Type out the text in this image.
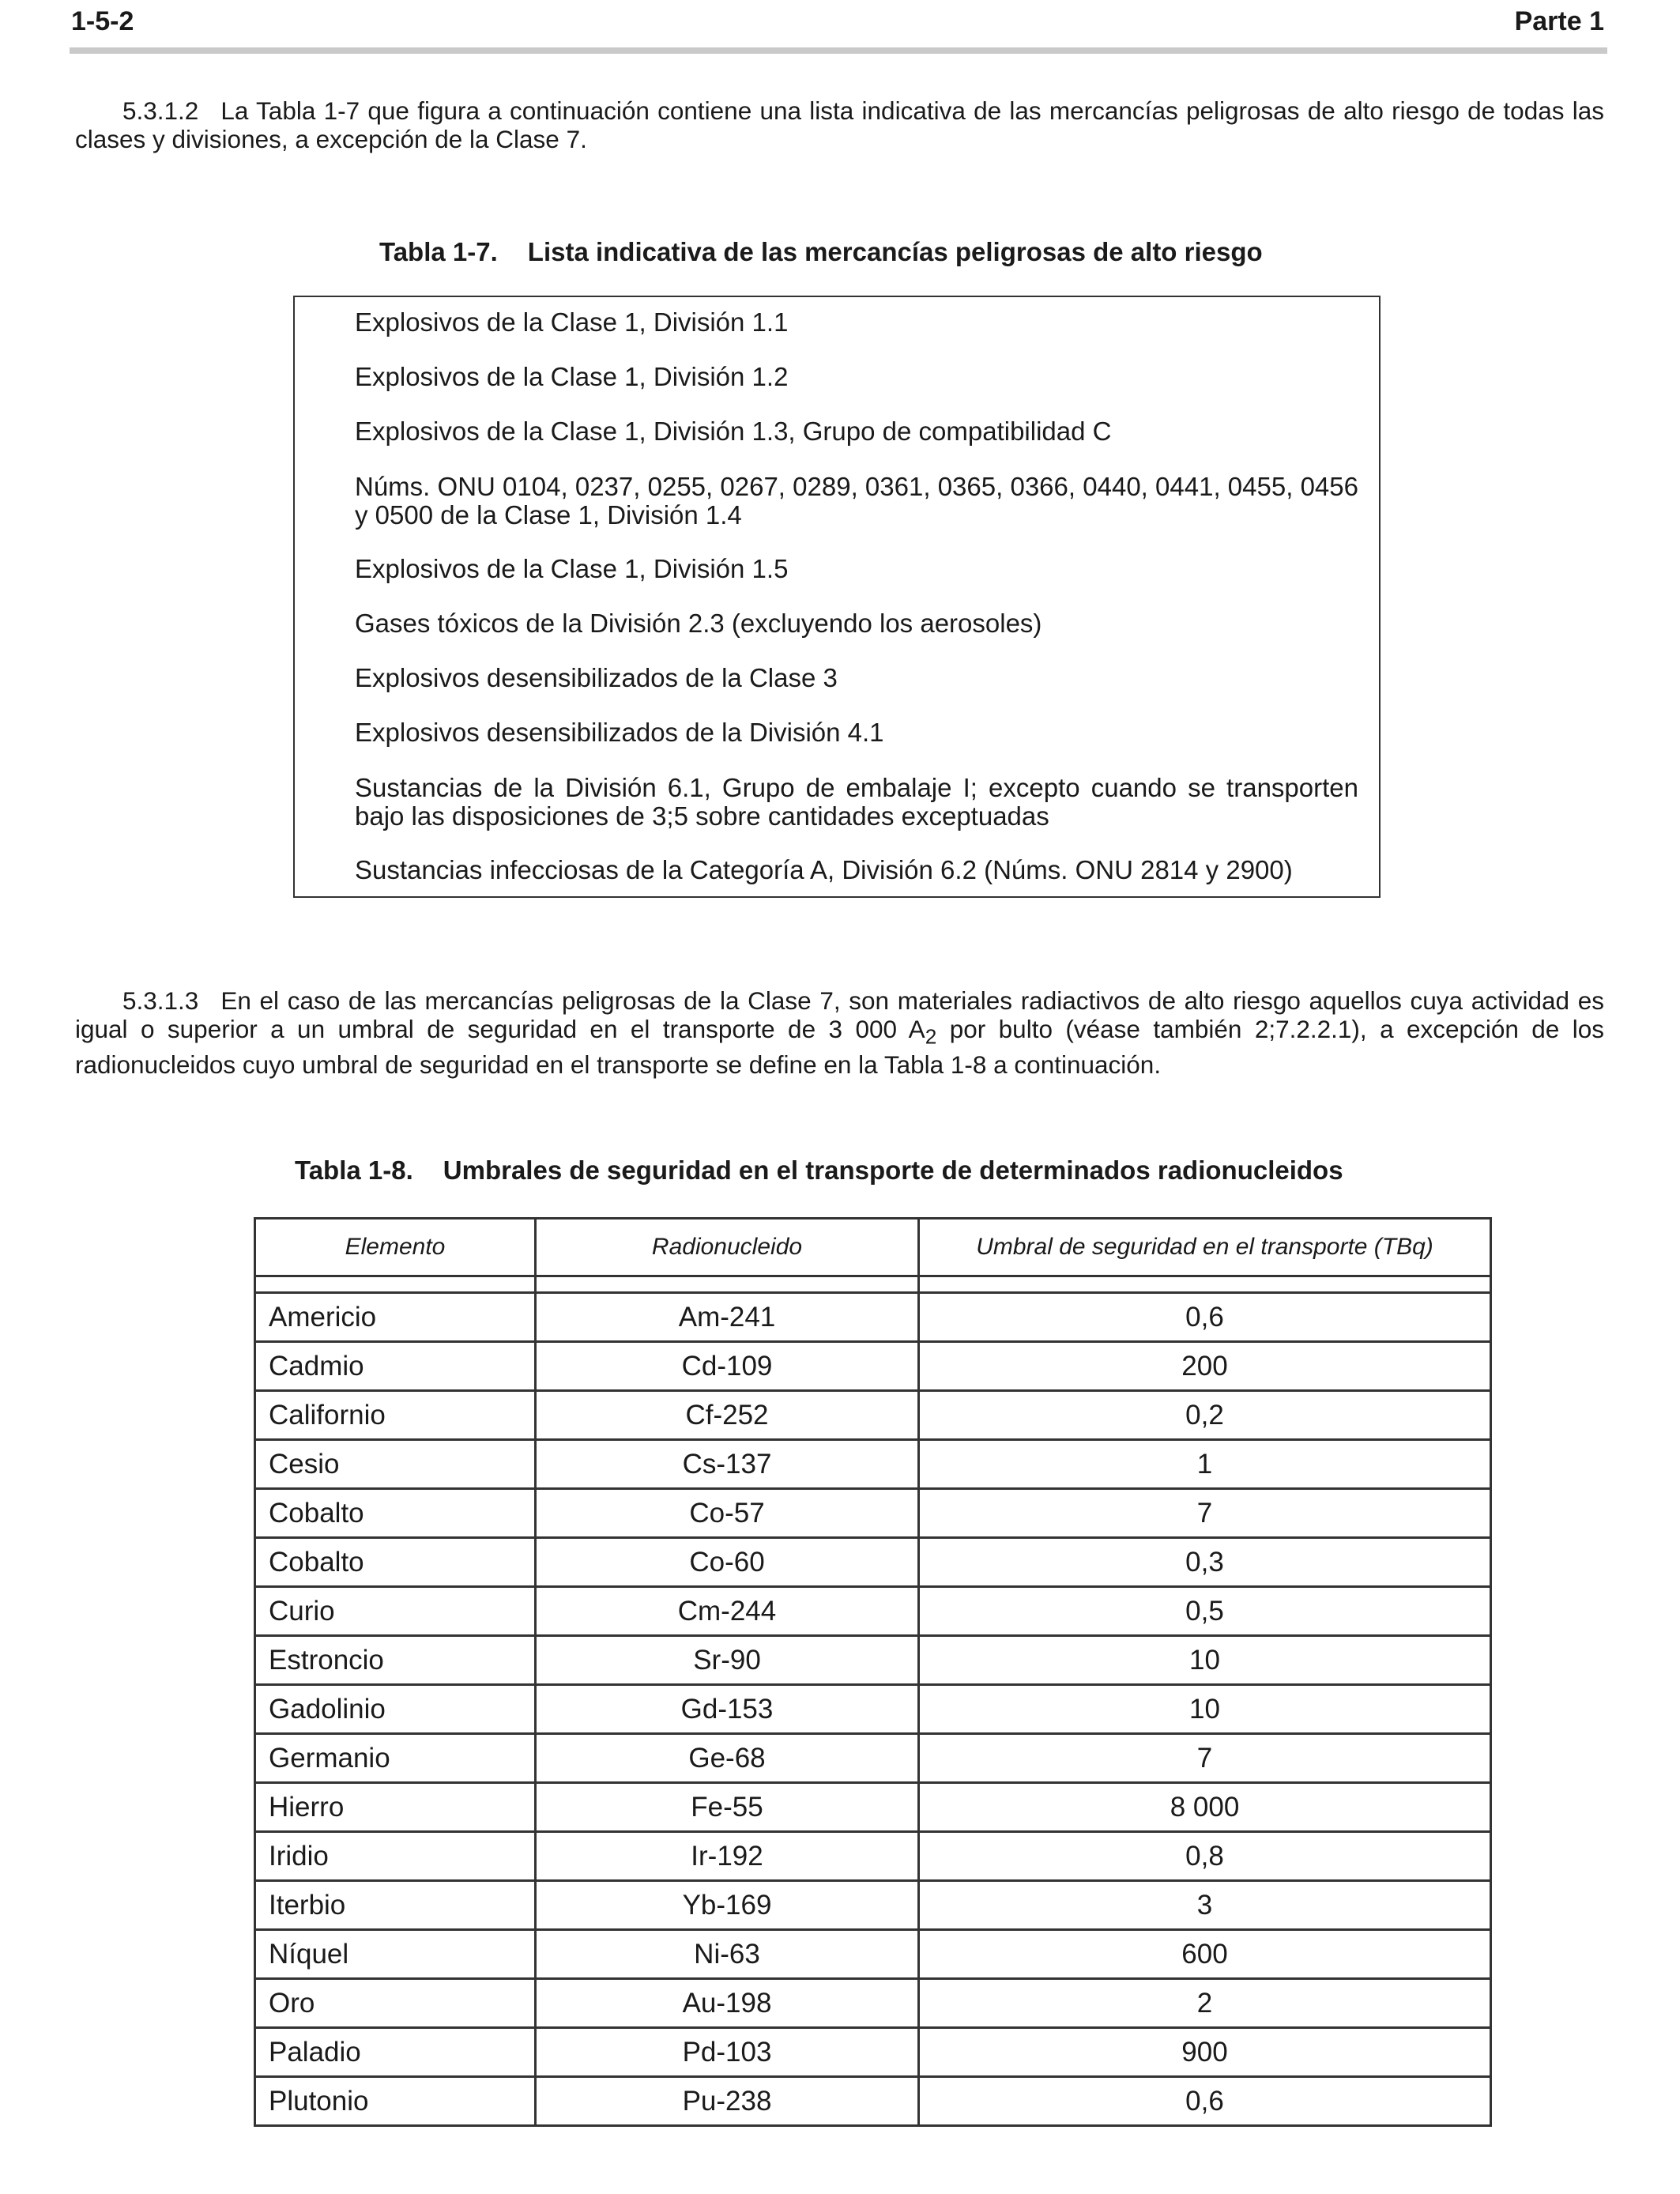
1-5-2	Parte 1
5.3.1.2 La Tabla 1-7 que figura a continuación contiene una lista indicativa de las mercancías peligrosas de alto riesgo de todas las clases y divisiones, a excepción de la Clase 7.
Tabla 1-7. Lista indicativa de las mercancías peligrosas de alto riesgo
Explosivos de la Clase 1, División 1.1
Explosivos de la Clase 1, División 1.2
Explosivos de la Clase 1, División 1.3, Grupo de compatibilidad C
Núms. ONU 0104, 0237, 0255, 0267, 0289, 0361, 0365, 0366, 0440, 0441, 0455, 0456 y 0500 de la Clase 1, División 1.4
Explosivos de la Clase 1, División 1.5
Gases tóxicos de la División 2.3 (excluyendo los aerosoles)
Explosivos desensibilizados de la Clase 3
Explosivos desensibilizados de la División 4.1
Sustancias de la División 6.1, Grupo de embalaje I; excepto cuando se transporten bajo las disposiciones de 3;5 sobre cantidades exceptuadas
Sustancias infecciosas de la Categoría A, División 6.2 (Núms. ONU 2814 y 2900)
5.3.1.3 En el caso de las mercancías peligrosas de la Clase 7, son materiales radiactivos de alto riesgo aquellos cuya actividad es igual o superior a un umbral de seguridad en el transporte de 3 000 $A_2$ por bulto (véase también 2;7.2.2.1), a excepción de los radionucleidos cuyo umbral de seguridad en el transporte se define en la Tabla 1-8 a continuación.
Tabla 1-8. Umbrales de seguridad en el transporte de determinados radionucleidos
Elemento	Radionucleido	Umbral de seguridad en el transporte (TBq)

Americio	Am-241	0,6
Cadmio	Cd-109	200
Californio	Cf-252	0,2
Cesio	Cs-137	1
Cobalto	Co-57	7
Cobalto	Co-60	0,3
Curio	Cm-244	0,5
Estroncio	Sr-90	10
Gadolinio	Gd-153	10
Germanio	Ge-68	7
Hierro	Fe-55	8 000
Iridio	Ir-192	0,8
Iterbio	Yb-169	3
Níquel	Ni-63	600
Oro	Au-198	2
Paladio	Pd-103	900
Plutonio	Pu-238	0,6
